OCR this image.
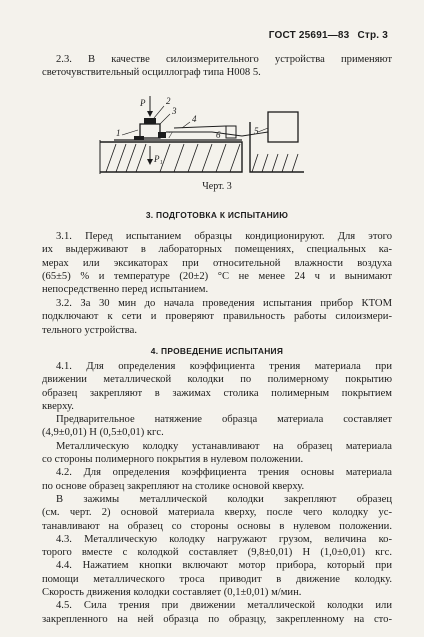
ГОСТ 25691—83 Стр. 3
2.3. В качестве силоизмерительного устройства применяют
светочувствительный осциллограф типа Н008 5.
1
2
3
4
5
6
7
P
P₁
Черт. 3
3. ПОДГОТОВКА К ИСПЫТАНИЮ
3.1. Перед испытанием образцы кондиционируют. Для этого
их выдерживают в лабораторных помещениях, специальных ка-
мерах или эксикаторах при относительной влажности воздуха
(65±5) % и температуре (20±2) °С не менее 24 ч и вынимают
непосредственно перед испытанием.
3.2. За 30 мин до начала проведения испытания прибор КТОМ
подключают к сети и проверяют правильность работы силоизмери-
тельного устройства.
4. ПРОВЕДЕНИЕ ИСПЫТАНИЯ
4.1. Для определения коэффициента трения материала при
движении металлической колодки по полимерному покрытию
образец закрепляют в зажимах столика полимерным покрытием
кверху.
Предварительное натяжение образца материала составляет
(4,9±0,01) Н (0,5±0,01) кгс.
Металлическую колодку устанавливают на образец материала
со стороны полимерного покрытия в нулевом положении.
4.2. Для определения коэффициента трения основы материала
по основе образец закрепляют на столике основой кверху.
В зажимы металлической колодки закрепляют образец
(см. черт. 2) основой материала кверху, после чего колодку ус-
танавливают на образец со стороны основы в нулевом положении.
4.3. Металлическую колодку нагружают грузом, величина ко-
торого вместе с колодкой составляет (9,8±0,01) Н (1,0±0,01) кгс.
4.4. Нажатием кнопки включают мотор прибора, который при
помощи металлического троса приводит в движение колодку.
Скорость движения колодки составляет (0,1±0,01) м/мин.
4.5. Сила трения при движении металлической колодки или
закрепленного на ней образца по образцу, закрепленному на сто-
